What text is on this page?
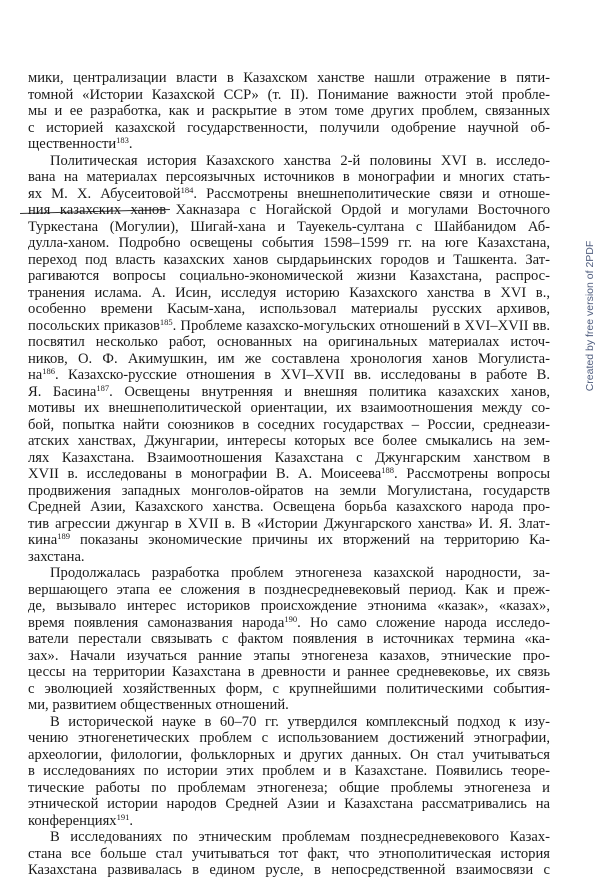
Created by free version of 2PDF
мики, централизации власти в Казахском ханстве нашли отражение в пяти-
томной «Истории Казахской ССР» (т. II). Понимание важности этой пробле-
мы и ее разработка, как и раскрытие в этом томе других проблем, связанных
с историей казахской государственности, получили одобрение научной об-
щественности$^{183}$.
Политическая история Казахского ханства 2-й половины XVI в. исследо-
вана на материалах персоязычных источников в монографии и многих стать-
ях М. Х. Абусеитовой$^{184}$. Рассмотрены внешнеполитические связи и отноше-
ния казахских ханов Хакназара с Ногайской Ордой и могулами Восточного
Туркестана (Могулии), Шигай-хана и Тауекель-султана с Шайбанидом Аб-
дулла-ханом. Подробно освещены события 1598–1599 гг. на юге Казахстана,
переход под власть казахских ханов сырдарьинских городов и Ташкента. Зат-
рагиваются вопросы социально-экономической жизни Казахстана, распрос-
транения ислама. А. Исин, исследуя историю Казахского ханства в XVI в.,
особенно времени Касым-хана, использовал материалы русских архивов,
посольских приказов$^{185}$. Проблеме казахско-могульских отношений в XVI–XVII вв.
посвятил несколько работ, основанных на оригинальных материалах источ-
ников, О. Ф. Акимушкин, им же составлена хронология ханов Могулиста-
$на^{186}$. Казахско-русские отношения в XVI–XVII вв. исследованы в работе В.
Я. Басина$^{187}$. Освещены внутренняя и внешняя политика казахских ханов,
мотивы их внешнеполитической ориентации, их взаимоотношения между со-
бой, попытка найти союзников в соседних государствах – России, среднеази-
атских ханствах, Джунгарии, интересы которых все более смыкались на зем-
лях Казахстана. Взаимоотношения Казахстана с Джунгарским ханством в
XVII в. исследованы в монографии В. А. Моисеева$^{188}$. Рассмотрены вопросы
продвижения западных монголов-ойратов на земли Могулистана, государств
Средней Азии, Казахского ханства. Освещена борьба казахского народа про-
тив агрессии джунгар в XVII в. В «Истории Джунгарского ханства» И. Я. Злат-
кина$^{189}$ показаны экономические причины их вторжений на территорию Ка-
захстана.
Продолжалась разработка проблем этногенеза казахской народности, за-
вершающего этапа ее сложения в позднесредневековый период. Как и преж-
де, вызывало интерес историков происхождение этнонима «казак», «казах»,
время появления самоназвания народа$^{190}$. Но само сложение народа исследо-
ватели перестали связывать с фактом появления в источниках термина «ка-
зах». Начали изучаться ранние этапы этногенеза казахов, этнические про-
цессы на территории Казахстана в древности и раннее средневековье, их связь
с эволюцией хозяйственных форм, с крупнейшими политическими события-
ми, развитием общественных отношений.
В исторической науке в 60–70 гг. утвердился комплексный подход к изу-
чению этногенетических проблем с использованием достижений этнографии,
археологии, филологии, фольклорных и других данных. Он стал учитываться
в исследованиях по истории этих проблем и в Казахстане. Появились теоре-
тические работы по проблемам этногенеза; общие проблемы этногенеза и
этнической истории народов Средней Азии и Казахстана рассматривались на
конференциях$^{191}$.
В исследованиях по этническим проблемам позднесредневекового Казах-
стана все больше стал учитываться тот факт, что этнополитическая история
Казахстана развивалась в едином русле, в непосредственной взаимосвязи с
